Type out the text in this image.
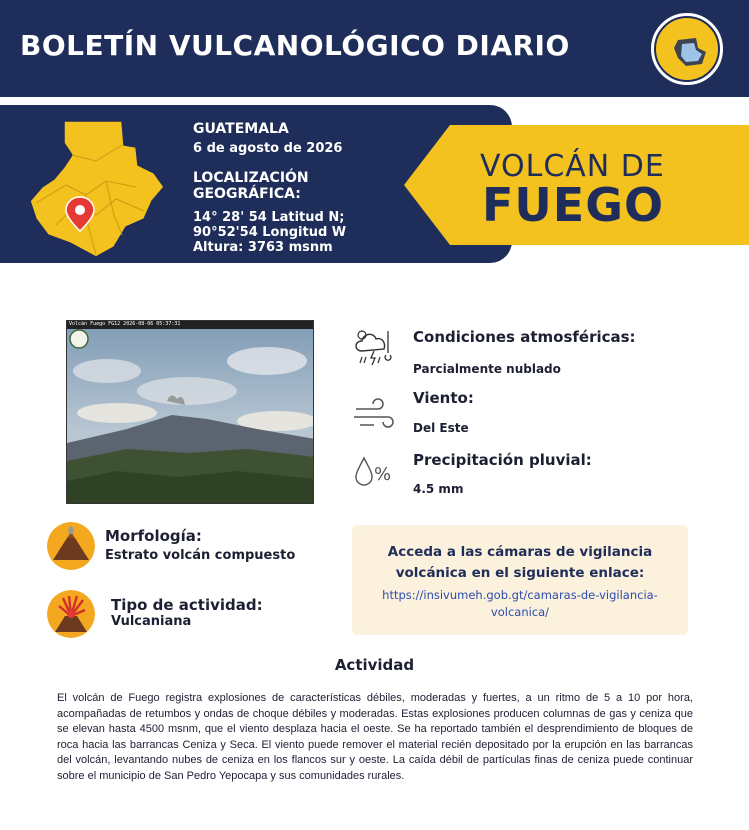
BOLETÍN VULCANOLÓGICO DIARIO
GUATEMALA
6 de agosto de 2026
LOCALIZACIÓN
GEOGRÁFICA:
14° 28' 54 Latitud N;
90°52'54 Longitud W
Altura: 3763 msnm
VOLCÁN DE
FUEGO
Volcán Fuego FG12 2026-08-06 05:37:31
Condiciones atmosféricas:
Parcialmente nublado
Viento:
Del Este
%
Precipitación pluvial:
4.5 mm
Morfología:
Estrato volcán compuesto
Tipo de actividad:
Vulcaniana
Acceda a las cámaras de vigilancia volcánica en el siguiente enlace:
https://insivumeh.gob.gt/camaras-de-vigilancia-volcanica/
Actividad
El volcán de Fuego registra explosiones de características débiles, moderadas y fuertes, a un ritmo de 5 a 10 por hora, acompañadas de retumbos y ondas de choque débiles y moderadas. Estas explosiones producen columnas de gas y ceniza que se elevan hasta 4500 msnm, que el viento desplaza hacia el oeste. Se ha reportado también el desprendimiento de bloques de roca hacia las barrancas Ceniza y Seca. El viento puede remover el material recién depositado por la erupción en las barrancas del volcán, levantando nubes de ceniza en los flancos sur y oeste. La caída débil de partículas finas de ceniza puede continuar sobre el municipio de San Pedro Yepocapa y sus comunidades rurales.
